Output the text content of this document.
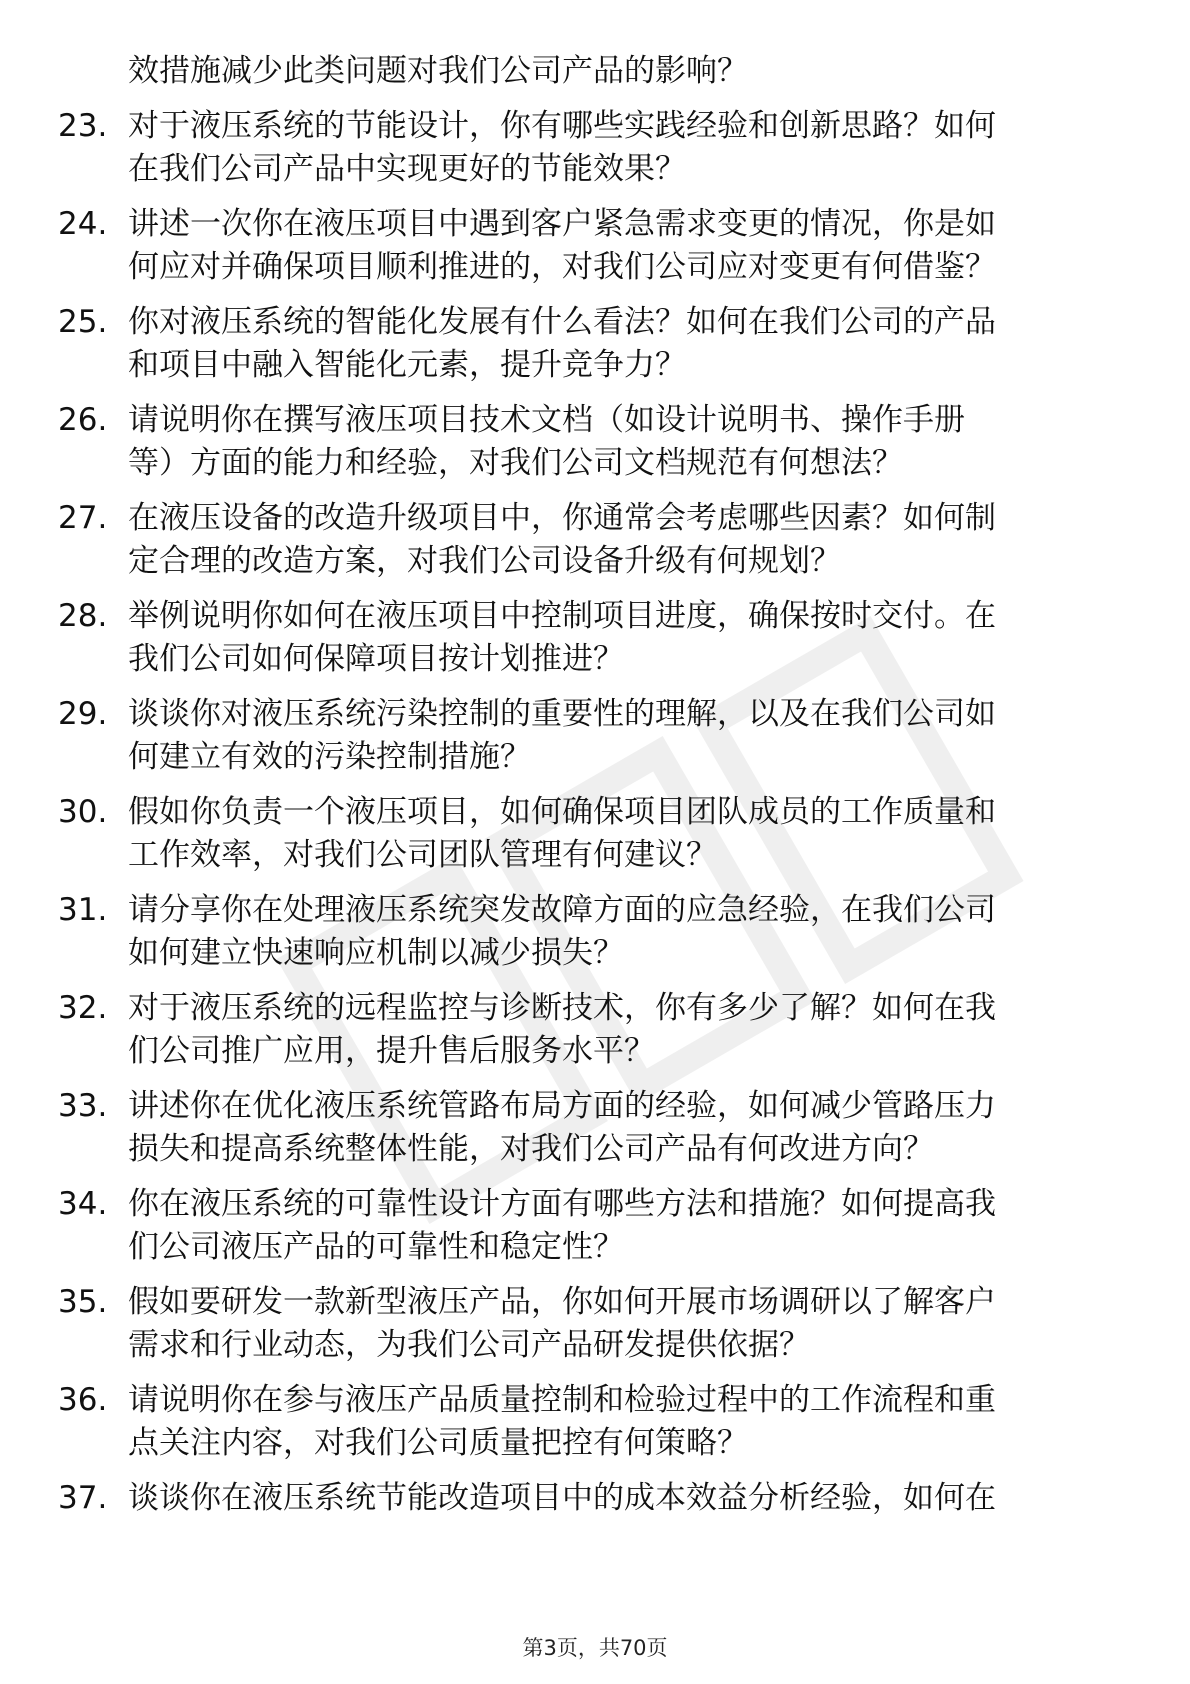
效措施减少此类问题对我们公司产品的影响？
23. 对于液压系统的节能设计，你有哪些实践经验和创新思路？如何
在我们公司产品中实现更好的节能效果？
24. 讲述一次你在液压项目中遇到客户紧急需求变更的情况，你是如
何应对并确保项目顺利推进的，对我们公司应对变更有何借鉴？
25. 你对液压系统的智能化发展有什么看法？如何在我们公司的产品
和项目中融入智能化元素，提升竞争力？
26. 请说明你在撰写液压项目技术文档（如设计说明书、操作手册
等）方面的能力和经验，对我们公司文档规范有何想法？
27. 在液压设备的改造升级项目中，你通常会考虑哪些因素？如何制
定合理的改造方案，对我们公司设备升级有何规划？
28. 举例说明你如何在液压项目中控制项目进度，确保按时交付。在
我们公司如何保障项目按计划推进？
29. 谈谈你对液压系统污染控制的重要性的理解，以及在我们公司如
何建立有效的污染控制措施？
30. 假如你负责一个液压项目，如何确保项目团队成员的工作质量和
工作效率，对我们公司团队管理有何建议？
31. 请分享你在处理液压系统突发故障方面的应急经验，在我们公司
如何建立快速响应机制以减少损失？
32. 对于液压系统的远程监控与诊断技术，你有多少了解？如何在我
们公司推广应用，提升售后服务水平？
33. 讲述你在优化液压系统管路布局方面的经验，如何减少管路压力
损失和提高系统整体性能，对我们公司产品有何改进方向？
34. 你在液压系统的可靠性设计方面有哪些方法和措施？如何提高我
们公司液压产品的可靠性和稳定性？
35. 假如要研发一款新型液压产品，你如何开展市场调研以了解客户
需求和行业动态，为我们公司产品研发提供依据？
36. 请说明你在参与液压产品质量控制和检验过程中的工作流程和重
点关注内容，对我们公司质量把控有何策略？
37. 谈谈你在液压系统节能改造项目中的成本效益分析经验，如何在
第3页，共70页
